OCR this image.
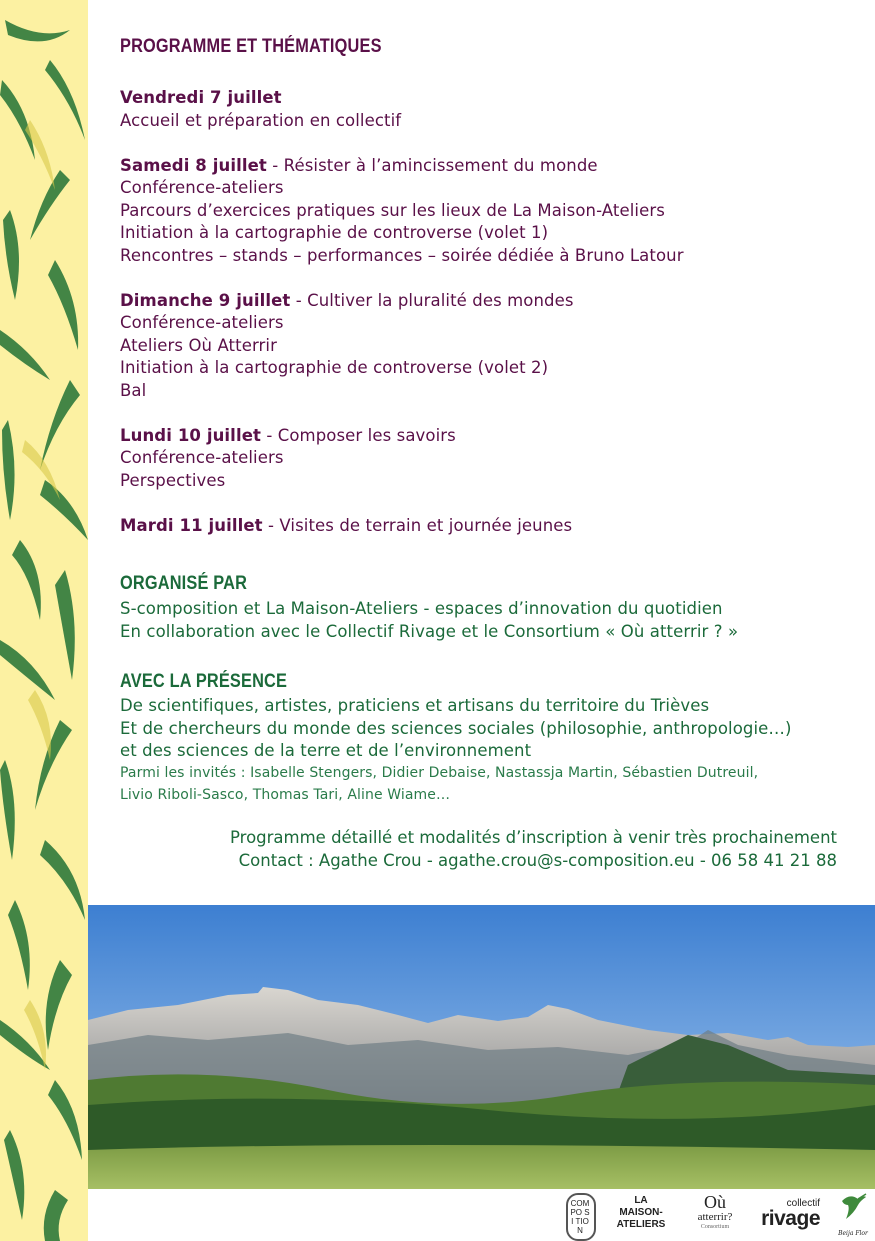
PROGRAMME ET THÉMATIQUES
Vendredi 7 juillet
Accueil et préparation en collectif
Samedi 8 juillet - Résister à l’amincissement du monde
Conférence-ateliers
Parcours d’exercices pratiques sur les lieux de La Maison-Ateliers
Initiation à la cartographie de controverse (volet 1)
Rencontres – stands – performances – soirée dédiée à Bruno Latour
Dimanche 9 juillet - Cultiver la pluralité des mondes
Conférence-ateliers
Ateliers Où Atterrir
Initiation à la cartographie de controverse (volet 2)
Bal
Lundi 10 juillet - Composer les savoirs
Conférence-ateliers
Perspectives
Mardi 11 juillet - Visites de terrain et journée jeunes
ORGANISÉ PAR
S-composition et La Maison-Ateliers - espaces d’innovation du quotidien
En collaboration avec le Collectif Rivage et le Consortium « Où atterrir ? »
AVEC LA PRÉSENCE
De scientifiques, artistes, praticiens et artisans du territoire du Trièves
Et de chercheurs du monde des sciences sociales (philosophie, anthropologie…)
et des sciences de la terre et de l’environnement
Parmi les invités : Isabelle Stengers, Didier Debaise, Nastassja Martin, Sébastien Dutreuil,
Livio Riboli-Sasco, Thomas Tari, Aline Wiame…
Programme détaillé et modalités d’inscription à venir très prochainement
Contact : Agathe Crou - agathe.crou@s-composition.eu - 06 58 41 21 88
COM PO SI TION
LA
MAISON-
ATELIERS
Où
atterrir?
Consortium
collectif
rivage
Beija Flor
